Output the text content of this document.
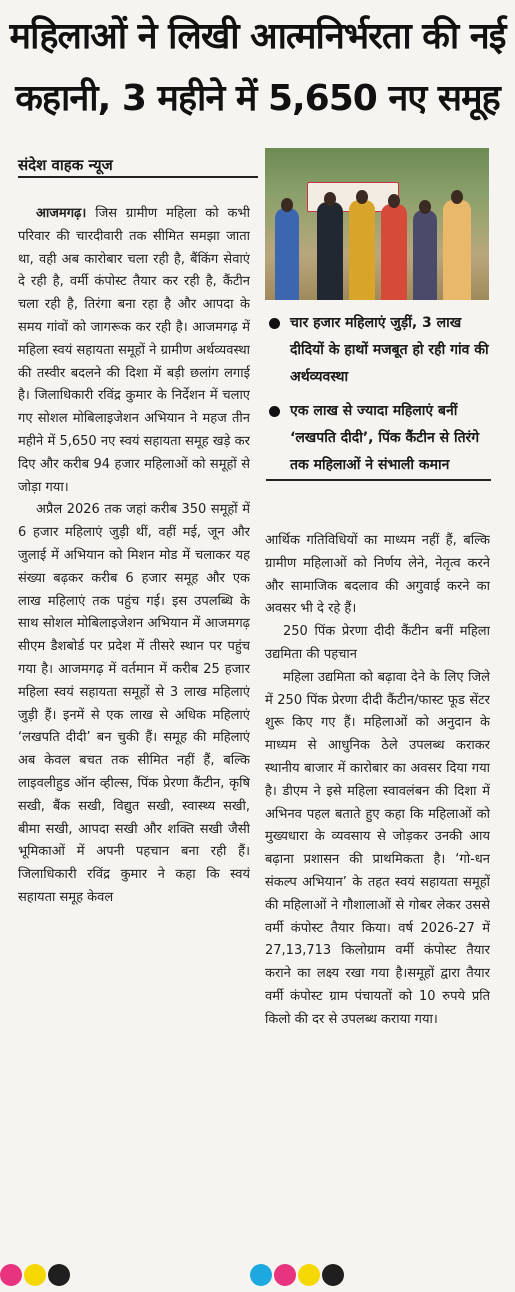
महिलाओं ने लिखी आत्मनिर्भरता की नई
कहानी, 3 महीने में 5,650 नए समूह
संदेश वाहक न्यूज

आजमगढ़। जिस ग्रामीण महिला को कभी परिवार की चारदीवारी तक सीमित समझा जाता था, वही अब कारोबार चला रही है, बैंकिंग सेवाएं दे रही है, वर्मी कंपोस्ट तैयार कर रही है, कैंटीन चला रही है, तिरंगा बना रहा है और आपदा के समय गांवों को जागरूक कर रही है। आजमगढ़ में महिला स्वयं सहायता समूहों ने ग्रामीण अर्थव्यवस्था की तस्वीर बदलने की दिशा में बड़ी छलांग लगाई है। जिलाधिकारी रविंद्र कुमार के निर्देशन में चलाए गए सोशल मोबिलाइजेशन अभियान ने महज तीन महीने में 5,650 नए स्वयं सहायता समूह खड़े कर दिए और करीब 94 हजार महिलाओं को समूहों से जोड़ा गया।

अप्रैल 2026 तक जहां करीब 350 समूहों में 6 हजार महिलाएं जुड़ी थीं, वहीं मई, जून और जुलाई में अभियान को मिशन मोड में चलाकर यह संख्या बढ़कर करीब 6 हजार समूह और एक लाख महिलाएं तक पहुंच गई। इस उपलब्धि के साथ सोशल मोबिलाइजेशन अभियान में आजमगढ़ सीएम डैशबोर्ड पर प्रदेश में तीसरे स्थान पर पहुंच गया है। आजमगढ़ में वर्तमान में करीब 25 हजार महिला स्वयं सहायता समूहों से 3 लाख महिलाएं जुड़ी हैं। इनमें से एक लाख से अधिक महिलाएं ‘लखपति दीदी’ बन चुकी हैं। समूह की महिलाएं अब केवल बचत तक सीमित नहीं हैं, बल्कि लाइवलीहुड ऑन व्हील्स, पिंक प्रेरणा कैंटीन, कृषि सखी, बैंक सखी, विद्युत सखी, स्वास्थ्य सखी, बीमा सखी, आपदा सखी और शक्ति सखी जैसी भूमिकाओं में अपनी पहचान बना रही हैं।जिलाधिकारी रविंद्र कुमार ने कहा कि स्वयं सहायता समूह केवल

चार हजार महिलाएं जुड़ीं, 3 लाख दीदियों के हाथों मजबूत हो रही गांव की अर्थव्यवस्था
एक लाख से ज्यादा महिलाएं बनीं ‘लखपति दीदी’, पिंक कैंटीन से तिरंगे तक महिलाओं ने संभाली कमान

आर्थिक गतिविधियों का माध्यम नहीं हैं, बल्कि ग्रामीण महिलाओं को निर्णय लेने, नेतृत्व करने और सामाजिक बदलाव की अगुवाई करने का अवसर भी दे रहे हैं।

250 पिंक प्रेरणा दीदी कैंटीन बनीं महिला उद्यमिता की पहचान

महिला उद्यमिता को बढ़ावा देने के लिए जिले में 250 पिंक प्रेरणा दीदी कैंटीन/फास्ट फूड सेंटर शुरू किए गए हैं। महिलाओं को अनुदान के माध्यम से आधुनिक ठेले उपलब्ध कराकर स्थानीय बाजार में कारोबार का अवसर दिया गया है। डीएम ने इसे महिला स्वावलंबन की दिशा में अभिनव पहल बताते हुए कहा कि महिलाओं को मुख्यधारा के व्यवसाय से जोड़कर उनकी आय बढ़ाना प्रशासन की प्राथमिकता है। ‘गो-धन संकल्प अभियान’ के तहत स्वयं सहायता समूहों की महिलाओं ने गौशालाओं से गोबर लेकर उससे वर्मी कंपोस्ट तैयार किया। वर्ष 2026-27 में 27,13,713 किलोग्राम वर्मी कंपोस्ट तैयार कराने का लक्ष्य रखा गया है।समूहों द्वारा तैयार वर्मी कंपोस्ट ग्राम पंचायतों को 10 रुपये प्रति किलो की दर से उपलब्ध कराया गया।
